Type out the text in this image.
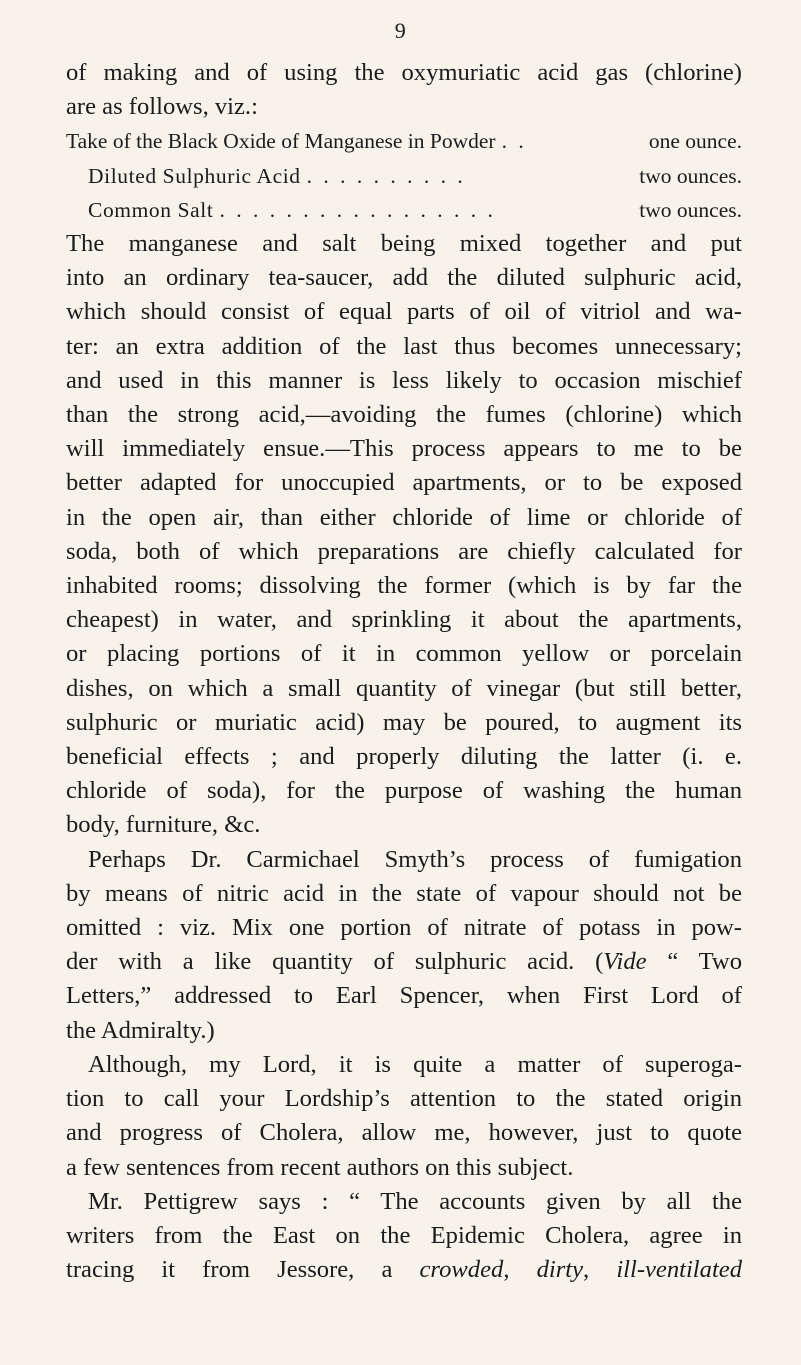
9
of making and of using the oxymuriatic acid gas (chlorine)
are as follows, viz.:
Take of the Black Oxide of Manganese in Powder . .	one ounce.
Diluted Sulphuric Acid . . . . . . . . . .	two ounces.
Common Salt . . . . . . . . . . . . . . . . .	two ounces.
The manganese and salt being mixed together and put
into an ordinary tea-saucer, add the diluted sulphuric acid,
which should consist of equal parts of oil of vitriol and wa-
ter: an extra addition of the last thus becomes unnecessary;
and used in this manner is less likely to occasion mischief
than the strong acid,—avoiding the fumes (chlorine) which
will immediately ensue.—This process appears to me to be
better adapted for unoccupied apartments, or to be exposed
in the open air, than either chloride of lime or chloride of
soda, both of which preparations are chiefly calculated for
inhabited rooms; dissolving the former (which is by far the
cheapest) in water, and sprinkling it about the apartments,
or placing portions of it in common yellow or porcelain
dishes, on which a small quantity of vinegar (but still better,
sulphuric or muriatic acid) may be poured, to augment its
beneficial effects ; and properly diluting the latter (i. e.
chloride of soda), for the purpose of washing the human
body, furniture, &c.
Perhaps Dr. Carmichael Smyth’s process of fumigation
by means of nitric acid in the state of vapour should not be
omitted : viz. Mix one portion of nitrate of potass in pow-
der with a like quantity of sulphuric acid. (Vide “ Two
Letters,” addressed to Earl Spencer, when First Lord of
the Admiralty.)
Although, my Lord, it is quite a matter of superoga-
tion to call your Lordship’s attention to the stated origin
and progress of Cholera, allow me, however, just to quote
a few sentences from recent authors on this subject.
Mr. Pettigrew says : “ The accounts given by all the
writers from the East on the Epidemic Cholera, agree in
tracing it from Jessore, a crowded, dirty, ill-ventilated
